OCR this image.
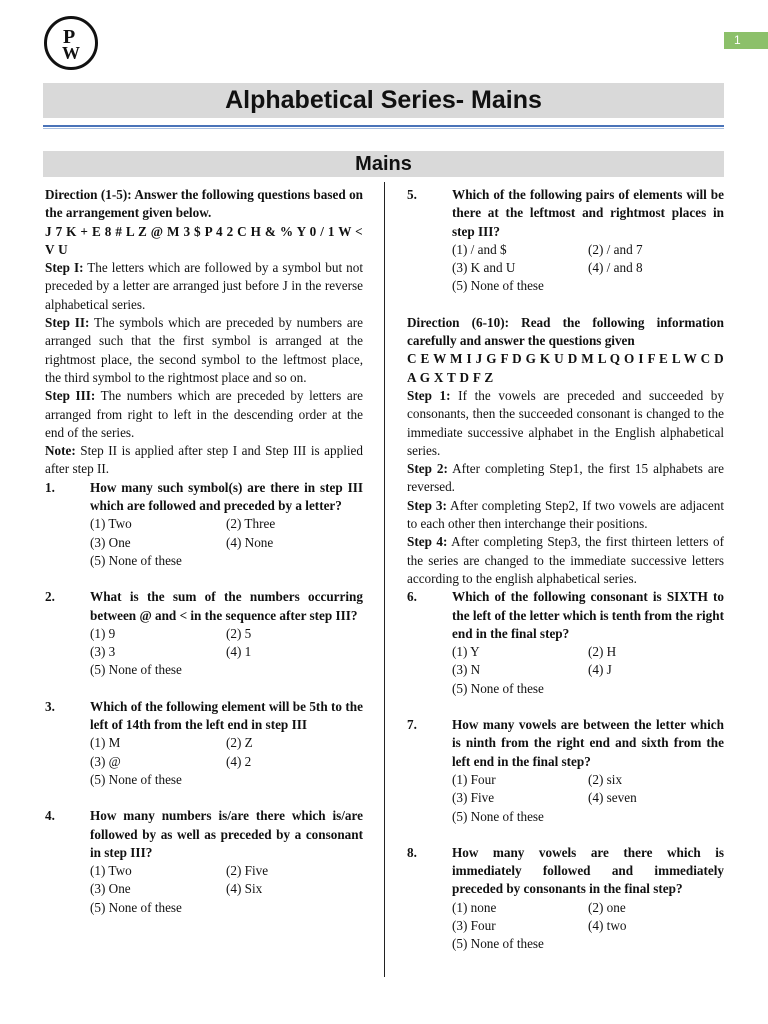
P
W
1
Alphabetical Series- Mains
Mains

Direction (1-5): Answer the following questions based on the arrangement given below.

J 7 K + E 8 # L Z @ M 3 $ P 4 2 C H & % Y 0 / 1 W < V U

Step I: The letters which are followed by a symbol but not preceded by a letter are arranged just before J in the reverse alphabetical series.

Step II: The symbols which are preceded by numbers are arranged such that the first symbol is arranged at the rightmost place, the second symbol to the leftmost place, the third symbol to the rightmost place and so on.

Step III: The numbers which are preceded by letters are arranged from right to left in the descending order at the end of the series.

Note: Step II is applied after step I and Step III is applied after step II.

1.	How many such symbol(s) are there in step III which are followed and preceded by a letter?
(1) Two	(2) Three
(3) One	(4) None
(5) None of these
2.	What is the sum of the numbers occurring between @ and < in the sequence after step III?
(1) 9	(2) 5
(3) 3	(4) 1
(5) None of these
3.	Which of the following element will be 5th to the left of 14th from the left end in step III
(1) M	(2) Z
(3) @	(4) 2
(5) None of these
4.	How many numbers is/are there which is/are followed by as well as preceded by a consonant in step III?
(1) Two	(2) Five
(3) One	(4) Six
(5) None of these
5.	Which of the following pairs of elements will be there at the leftmost and rightmost places in step III?
(1) / and $	(2) / and 7
(3) K and U	(4) / and 8
(5) None of these

Direction (6-10): Read the following information carefully and answer the questions given

C E W M I J G F D G K U D M L Q O I F E L W C D A G X T D F Z

Step 1: If the vowels are preceded and succeeded by consonants, then the succeeded consonant is changed to the immediate successive alphabet in the English alphabetical series.

Step 2: After completing Step1, the first 15 alphabets are reversed.

Step 3: After completing Step2, If two vowels are adjacent to each other then interchange their positions.

Step 4: After completing Step3, the first thirteen letters of the series are changed to the immediate successive letters according to the english alphabetical series.

6.	Which of the following consonant is SIXTH to the left of the letter which is tenth from the right end in the final step?
(1) Y	(2) H
(3) N	(4) J
(5) None of these
7.	How many vowels are between the letter which is ninth from the right end and sixth from the left end in the final step?
(1) Four	(2) six
(3) Five	(4) seven
(5) None of these
8.	How many vowels are there which is immediately followed and immediately preceded by consonants in the final step?
(1) none	(2) one
(3) Four	(4) two
(5) None of these
